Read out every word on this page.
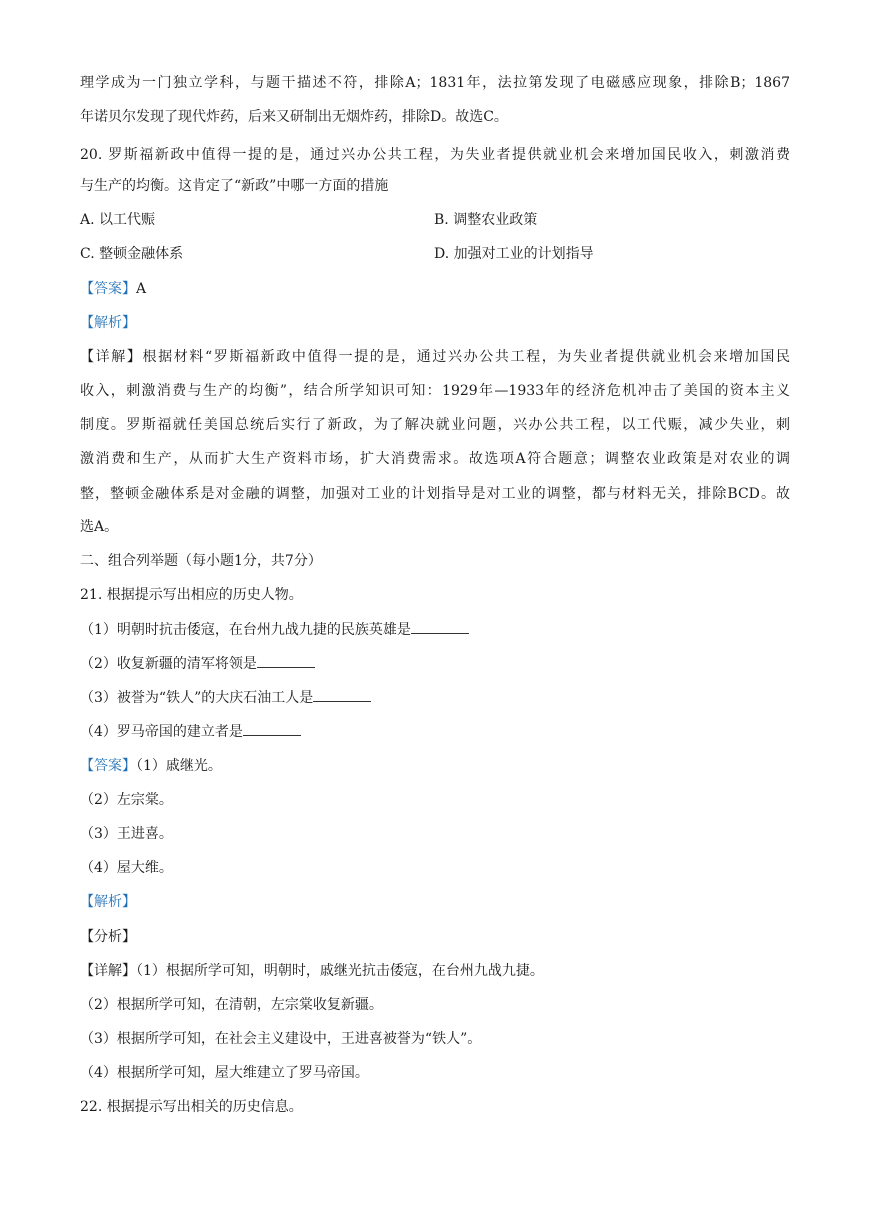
理学成为一门独立学科，与题干描述不符，排除A；1831年，法拉第发现了电磁感应现象，排除B；1867
年诺贝尔发现了现代炸药，后来又研制出无烟炸药，排除D。故选C。
20. 罗斯福新政中值得一提的是，通过兴办公共工程，为失业者提供就业机会来增加国民收入，刺激消费
与生产的均衡。这肯定了“新政”中哪一方面的措施
A. 以工代赈	B. 调整农业政策
C. 整顿金融体系	D. 加强对工业的计划指导
【答案】A
【解析】
【详解】根据材料“罗斯福新政中值得一提的是，通过兴办公共工程，为失业者提供就业机会来增加国民
收入，刺激消费与生产的均衡”，结合所学知识可知：1929年—1933年的经济危机冲击了美国的资本主义
制度。罗斯福就任美国总统后实行了新政，为了解决就业问题，兴办公共工程，以工代赈，减少失业，刺
激消费和生产，从而扩大生产资料市场，扩大消费需求。故选项A符合题意；调整农业政策是对农业的调
整，整顿金融体系是对金融的调整，加强对工业的计划指导是对工业的调整，都与材料无关，排除BCD。故
选A。
二、组合列举题（每小题1分，共7分）
21. 根据提示写出相应的历史人物。
（1）明朝时抗击倭寇，在台州九战九捷的民族英雄是
（2）收复新疆的清军将领是
（3）被誉为“铁人”的大庆石油工人是
（4）罗马帝国的建立者是
【答案】（1）戚继光。
（2）左宗棠。
（3）王进喜。
（4）屋大维。
【解析】
【分析】
【详解】（1）根据所学可知，明朝时，戚继光抗击倭寇，在台州九战九捷。
（2）根据所学可知，在清朝，左宗棠收复新疆。
（3）根据所学可知，在社会主义建设中，王进喜被誉为“铁人”。
（4）根据所学可知，屋大维建立了罗马帝国。
22. 根据提示写出相关的历史信息。
